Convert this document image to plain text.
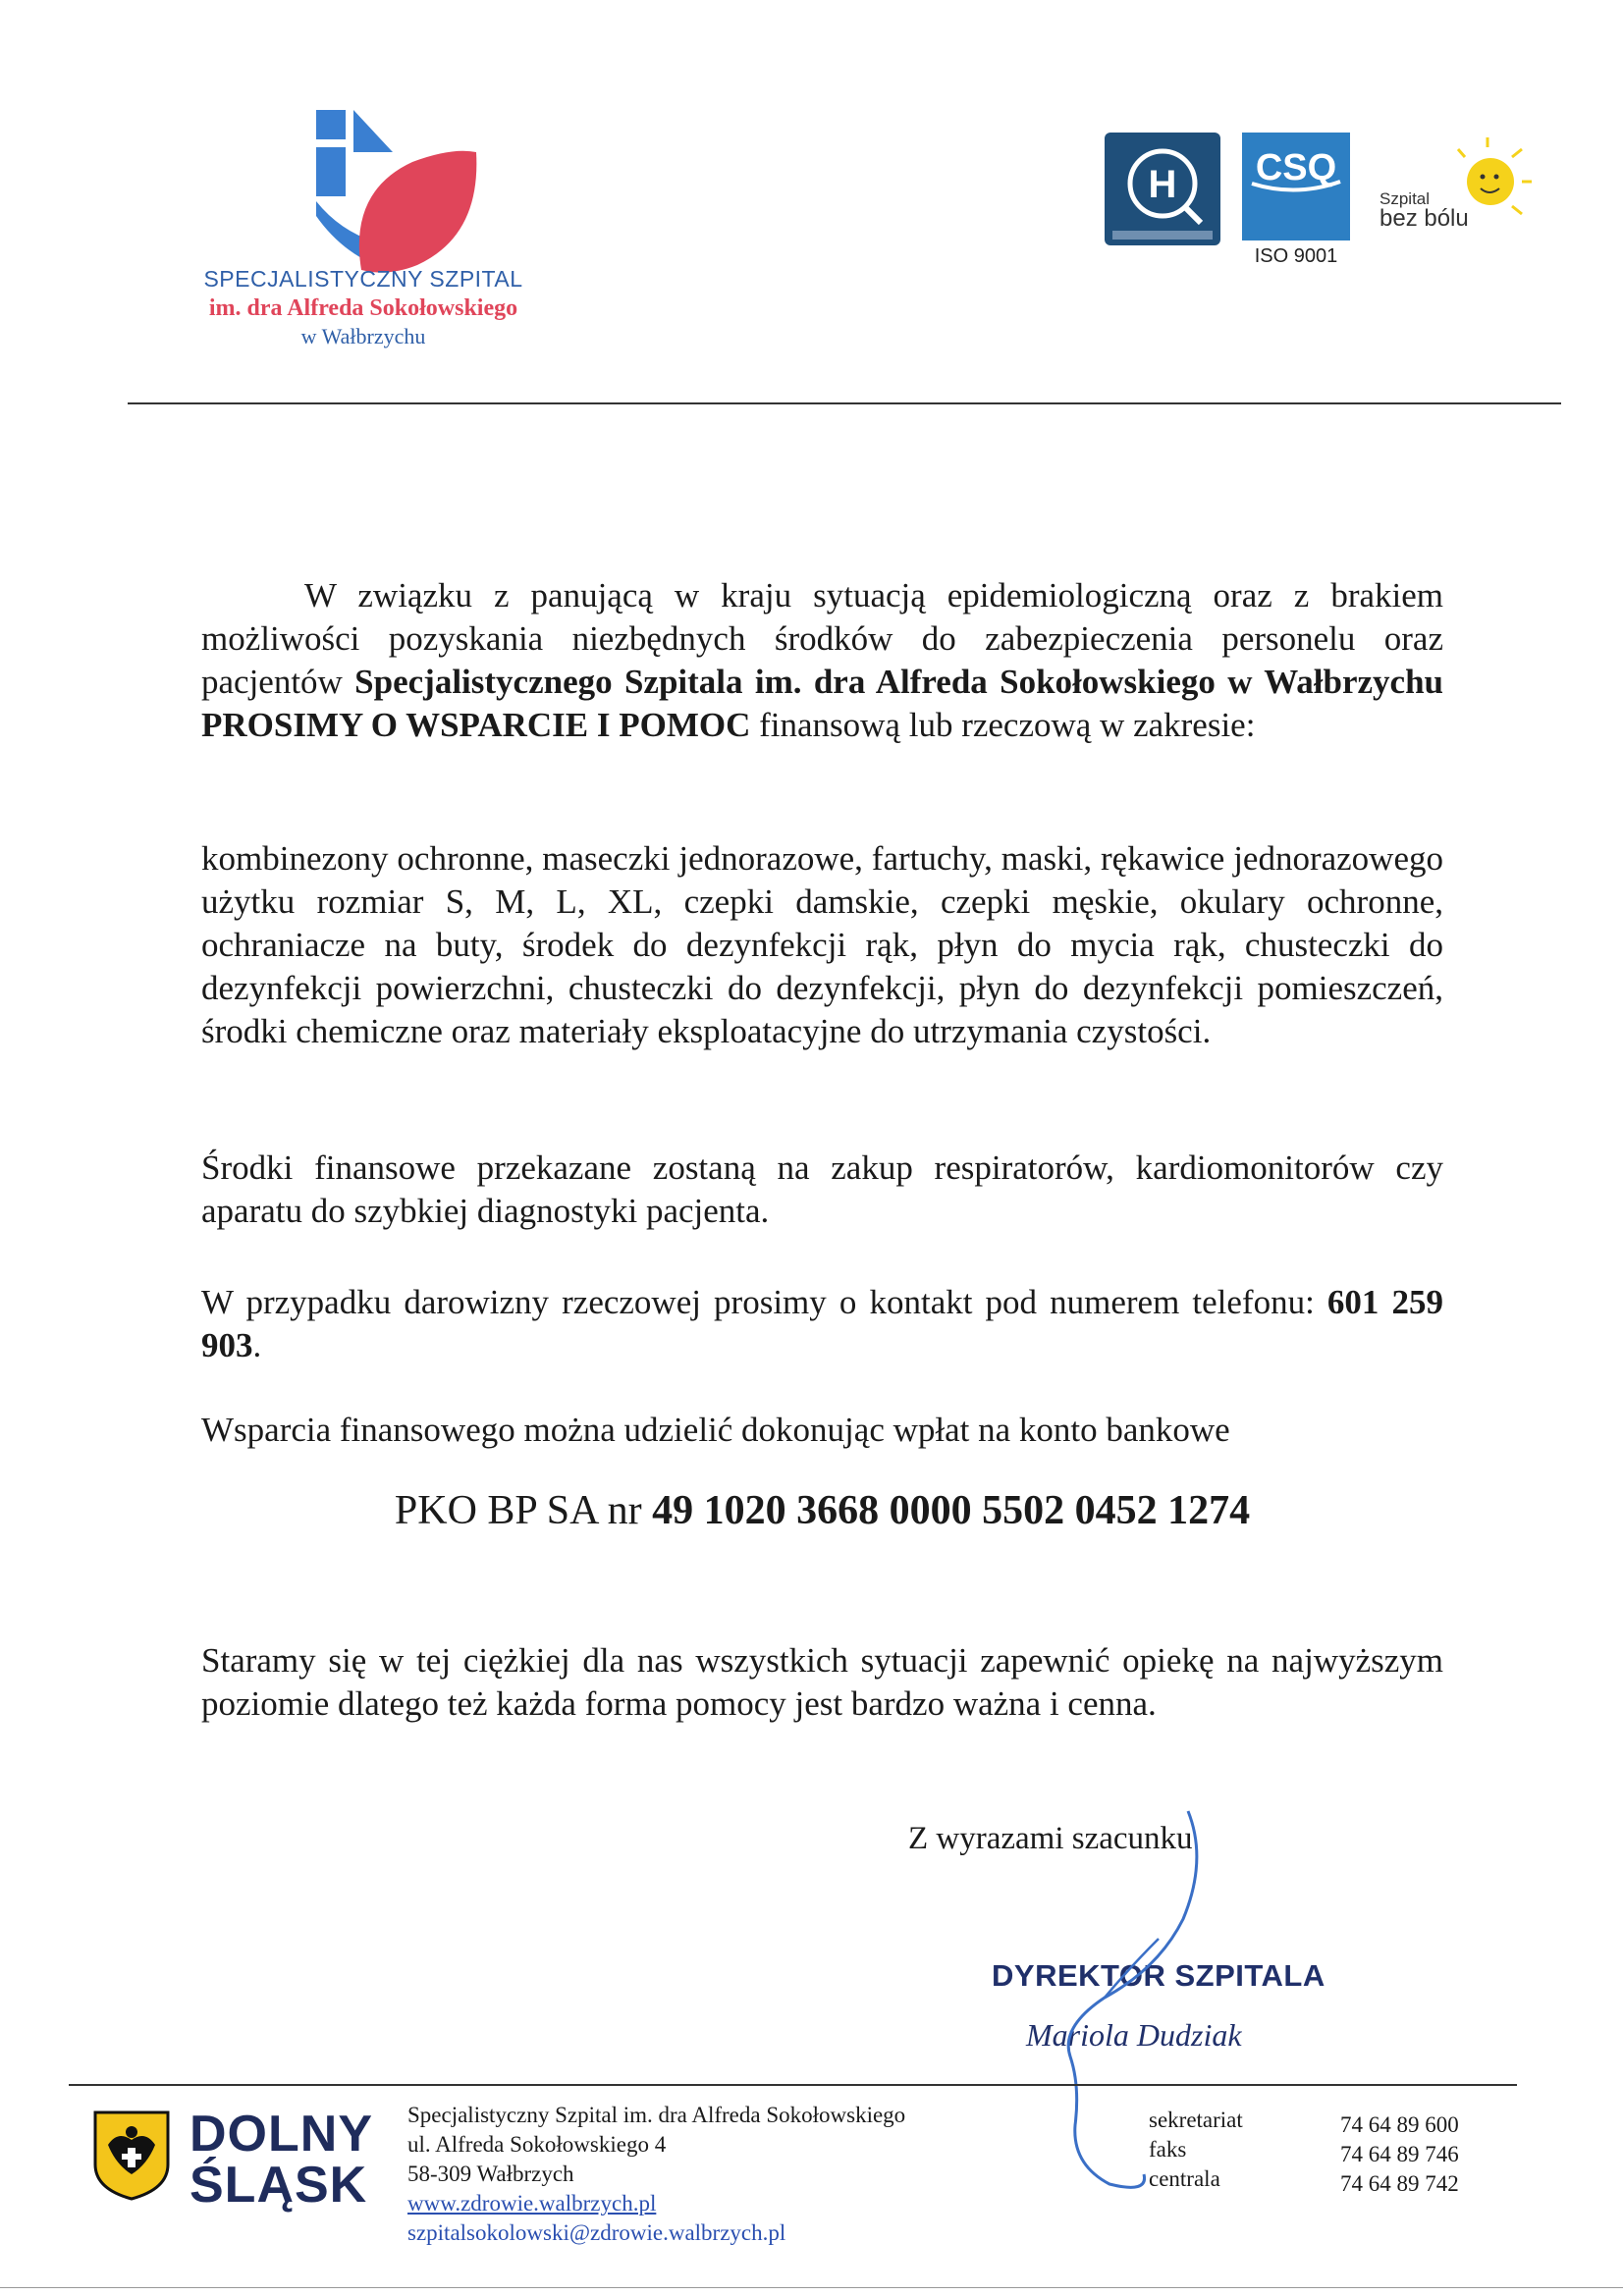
SPECJALISTYCZNY SZPITAL
im. dra Alfreda Sokołowskiego
w Wałbrzychu
H CSQ
ISO 9001
Szpital
bez bólu
W związku z panującą w kraju sytuacją epidemiologiczną oraz z brakiem możliwości pozyskania niezbędnych środków do zabezpieczenia personelu oraz pacjentów Specjalistycznego Szpitala im. dra Alfreda Sokołowskiego w Wałbrzychu PROSIMY O WSPARCIE I POMOC finansową lub rzeczową w zakresie:
kombinezony ochronne, maseczki jednorazowe, fartuchy, maski, rękawice jednorazowego użytku rozmiar S, M, L, XL, czepki damskie, czepki męskie, okulary ochronne, ochraniacze na buty, środek do dezynfekcji rąk, płyn do mycia rąk, chusteczki do dezynfekcji powierzchni, chusteczki do dezynfekcji, płyn do dezynfekcji pomieszczeń, środki chemiczne oraz materiały eksploatacyjne do utrzymania czystości.
Środki finansowe przekazane zostaną na zakup respiratorów, kardiomonitorów czy aparatu do szybkiej diagnostyki pacjenta.
W przypadku darowizny rzeczowej prosimy o kontakt pod numerem telefonu: 601 259 903.
Wsparcia finansowego można udzielić dokonując wpłat na konto bankowe
PKO BP SA nr 49 1020 3668 0000 5502 0452 1274
Staramy się w tej ciężkiej dla nas wszystkich sytuacji zapewnić opiekę na najwyższym poziomie dlatego też każda forma pomocy jest bardzo ważna i cenna.
Z wyrazami szacunku
DYREKTOR SZPITALA
Mariola Dudziak
DOLNY
ŚLĄSK
Specjalistyczny Szpital im. dra Alfreda Sokołowskiego
ul. Alfreda Sokołowskiego 4
58-309 Wałbrzych
www.zdrowie.walbrzych.pl
szpitalsokolowski@zdrowie.walbrzych.pl
sekretariat
faks
centrala
74 64 89 600
74 64 89 746
74 64 89 742
